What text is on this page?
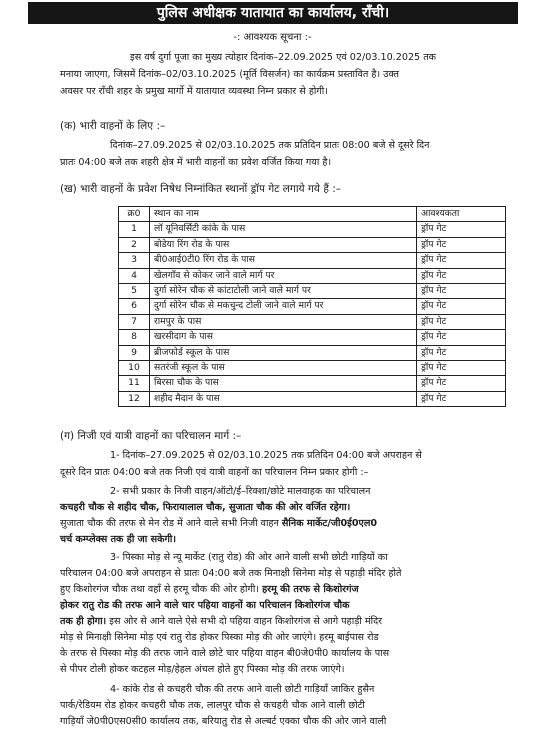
पुलिस अधीक्षक यातायात का कार्यालय, राँची।
-: आवश्यक सूचना :-
इस वर्ष दुर्गा पूजा का मुख्य त्योहार दिनांक–22.09.2025 एवं 02/03.10.2025 तक
मनाया जाएगा, जिसमें दिनांक–02/03.10.2025 (मूर्ति विसर्जन) का कार्यक्रम प्रस्तावित है। उक्त
अवसर पर राँची शहर के प्रमुख मार्गो में यातायात व्यवस्था निम्न प्रकार से होगी।
(क) भारी वाहनों के लिए :–
दिनांक–27.09.2025 से 02/03.10.2025 तक प्रतिदिन प्रातः 08:00 बजे से दूसरे दिन
प्रातः 04:00 बजे तक शहरी क्षेत्र में भारी वाहनों का प्रवेश वर्जित किया गया है।
(ख) भारी वाहनों के प्रवेश निषेध निम्नांकित स्थानों ड्रॉप गेट लगाये गये हैं :–
क्र0	स्थान का नाम	आवश्यकता
1	लॉ यूनिवर्सिटी कांके के पास	ड्रॉप गेट
2	बोडेया रिंग रोड के पास	ड्रॉप गेट
3	बी0आई0टी0 रिंग रोड के पास	ड्रॉप गेट
4	खेलगाँव से कोकर जाने वाले मार्ग पर	ड्रॉप गेट
5	दुर्गा सोरेन चौक से कांटाटोली जाने वाले मार्ग पर	ड्रॉप गेट
6	दुर्गा सोरेन चौक से मकचुन्द टोली जाने वाले मार्ग पर	ड्रॉप गेट
7	रामपुर के पास	ड्रॉप गेट
8	खरसीदाग के पास	ड्रॉप गेट
9	ब्रीजफोर्ड स्कूल के पास	ड्रॉप गेट
10	सतरंजी स्कूल के पास	ड्रॉप गेट
11	बिरसा चौक के पास	ड्रॉप गेट
12	शहीद मैदान के पास	ड्रॉप गेट
(ग) निजी एवं यात्री वाहनों का परिचालन मार्ग :–
1- दिनांक–27.09.2025 से 02/03.10.2025 तक प्रतिदिन 04:00 बजे अपराहन से
दूसरे दिन प्रातः 04:00 बजे तक निजी एवं यात्री वाहनों का परिचालन निम्न प्रकार होगी :–
2- सभी प्रकार के निजी वाहन/ऑटो/ई–रिक्शा/छोटे मालवाहक का परिचालन
कचहरी चौक से शहीद चौक, फिरायालाल चौक, सुजाता चौक की ओर वर्जित रहेगा।
सुजाता चौक की तरफ से मेन रोड में आने वाले सभी निजी वाहन सैनिक मार्केट/जी0ई0एल0
चर्च कम्प्लेक्स तक ही जा सकेगी।
3- पिस्का मोड़ से न्यू मार्केट (रातु रोड) की ओर आने वाली सभी छोटी गाड़ियों का
परिचालन 04:00 बजे अपराहन से प्रातः 04:00 बजे तक मिनाक्षी सिनेमा मोड़ से पहाड़ी मंदिर होते
हुए किशोरगंज चौक तथा वहाँ से हरमू चौक की ओर होगी। हरमू की तरफ से किशोरगंज
होकर रातु रोड की तरफ आने वाले चार पहिया वाहनों का परिचालन किशोरगंज चौक
तक ही होगा। इस ओर से आने वाले ऐसे सभी दो पहिया वाहन किशोरगंज से आगे पहाड़ी मंदिर
मोड़ से मिनाक्षी सिनेमा मोड़ एवं रातु रोड होकर पिस्का मोड़ की ओर जाएंगे। हरमू बाईपास रोड
के तरफ से पिस्का मोड़ की तरफ जाने वाले छोटे चार पहिया वाहन बी0जे0पी0 कार्यालय के पास
से पीपर टोली होकर कटहल मोड़/हेहल अंचल होते हुए पिस्का मोड़ की तरफ जाएंगे।
4- कांके रोड से कचहरी चौक की तरफ आने वाली छोटी गाड़ियाँ जाकिर हुसैन
पार्क/रेडियम रोड होकर कचहरी चौक तक, लालपुर चौक से कचहरी चौक आने वाली छोटी
गाड़ियाँ जे0पी0एस0सी0 कार्यालय तक, बरियातु रोड से अल्बर्ट एक्का चौक की ओर जाने वाली
